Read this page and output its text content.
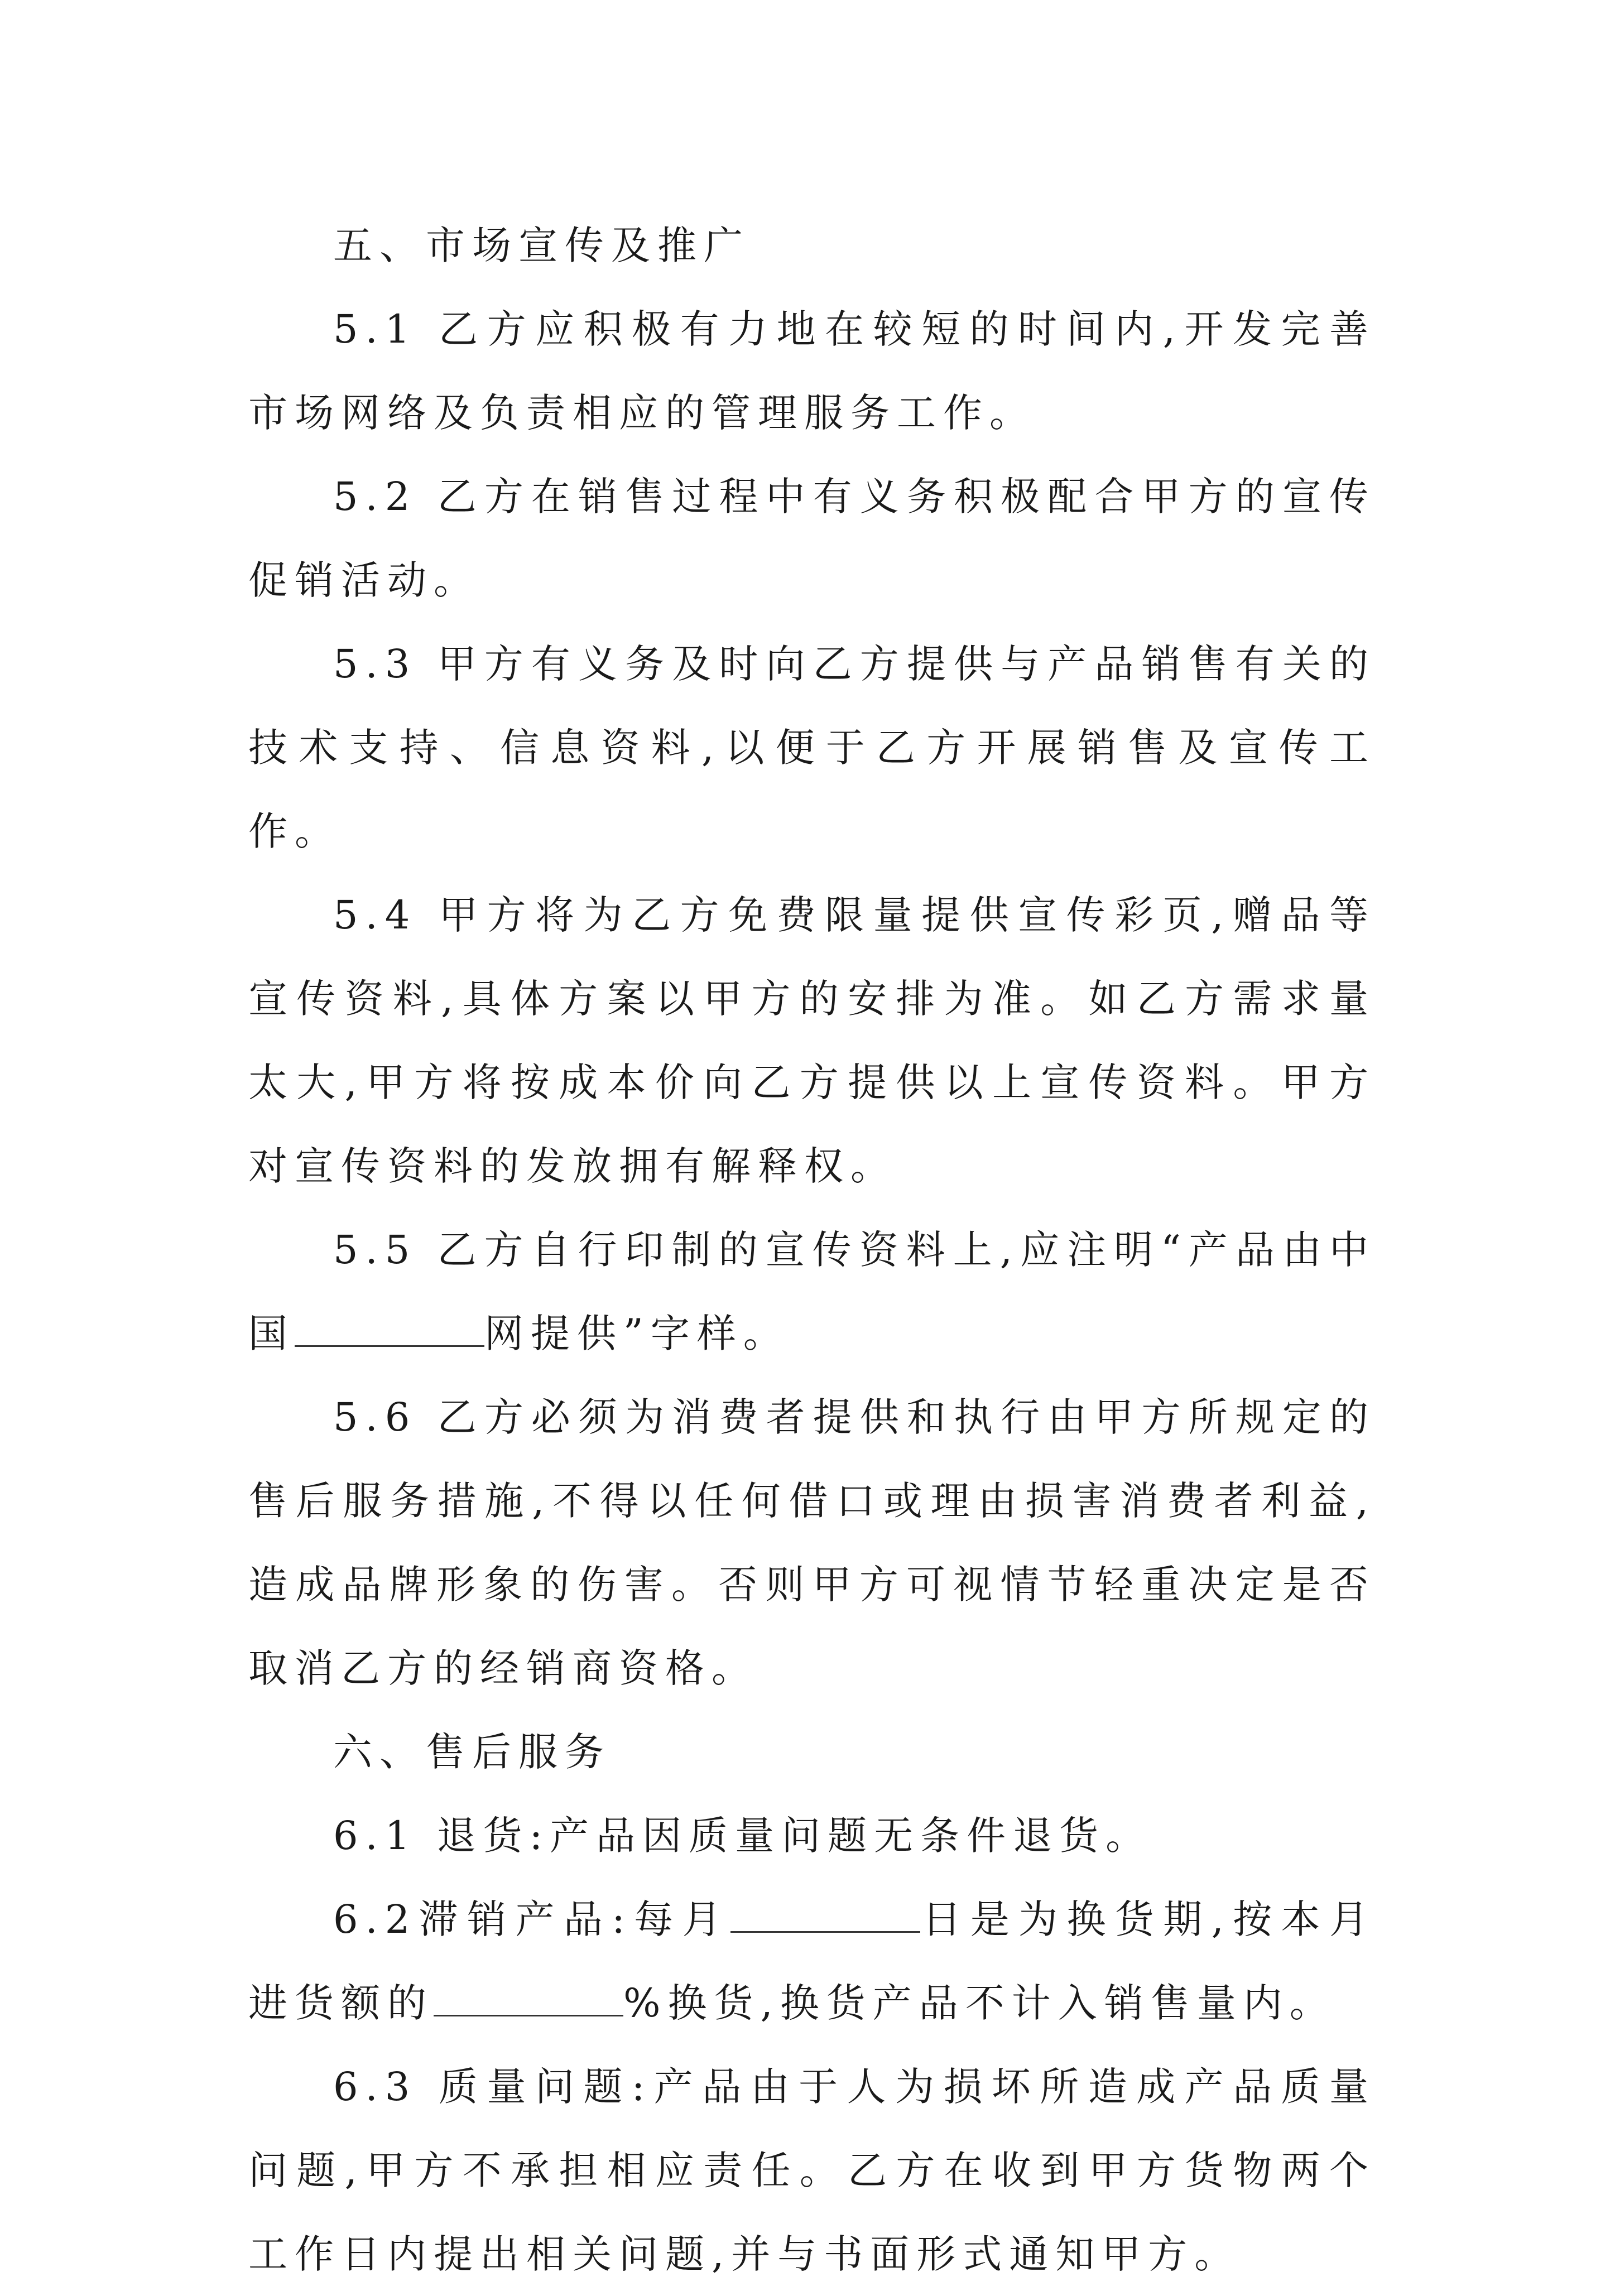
五、市场宣传及推广

5.1 乙方应积极有力地在较短的时间内,开发完善市场网络及负责相应的管理服务工作。

5.2 乙方在销售过程中有义务积极配合甲方的宣传促销活动。

5.3 甲方有义务及时向乙方提供与产品销售有关的技术支持、信息资料,以便于乙方开展销售及宣传工作。

5.4 甲方将为乙方免费限量提供宣传彩页,赠品等宣传资料,具体方案以甲方的安排为准。如乙方需求量太大,甲方将按成本价向乙方提供以上宣传资料。甲方对宣传资料的发放拥有解释权。

5.5 乙方自行印制的宣传资料上,应注明“产品由中国	网提供”字样。

5.6 乙方必须为消费者提供和执行由甲方所规定的售后服务措施,不得以任何借口或理由损害消费者利益,造成品牌形象的伤害。否则甲方可视情节轻重决定是否取消乙方的经销商资格。

六、售后服务

6.1 退货:产品因质量问题无条件退货。

6.2滞销产品:每月	日是为换货期,按本月进货额的	%换货,换货产品不计入销售量内。

6.3 质量问题:产品由于人为损坏所造成产品质量问题,甲方不承担相应责任。乙方在收到甲方货物两个工作日内提出相关问题,并与书面形式通知甲方。
